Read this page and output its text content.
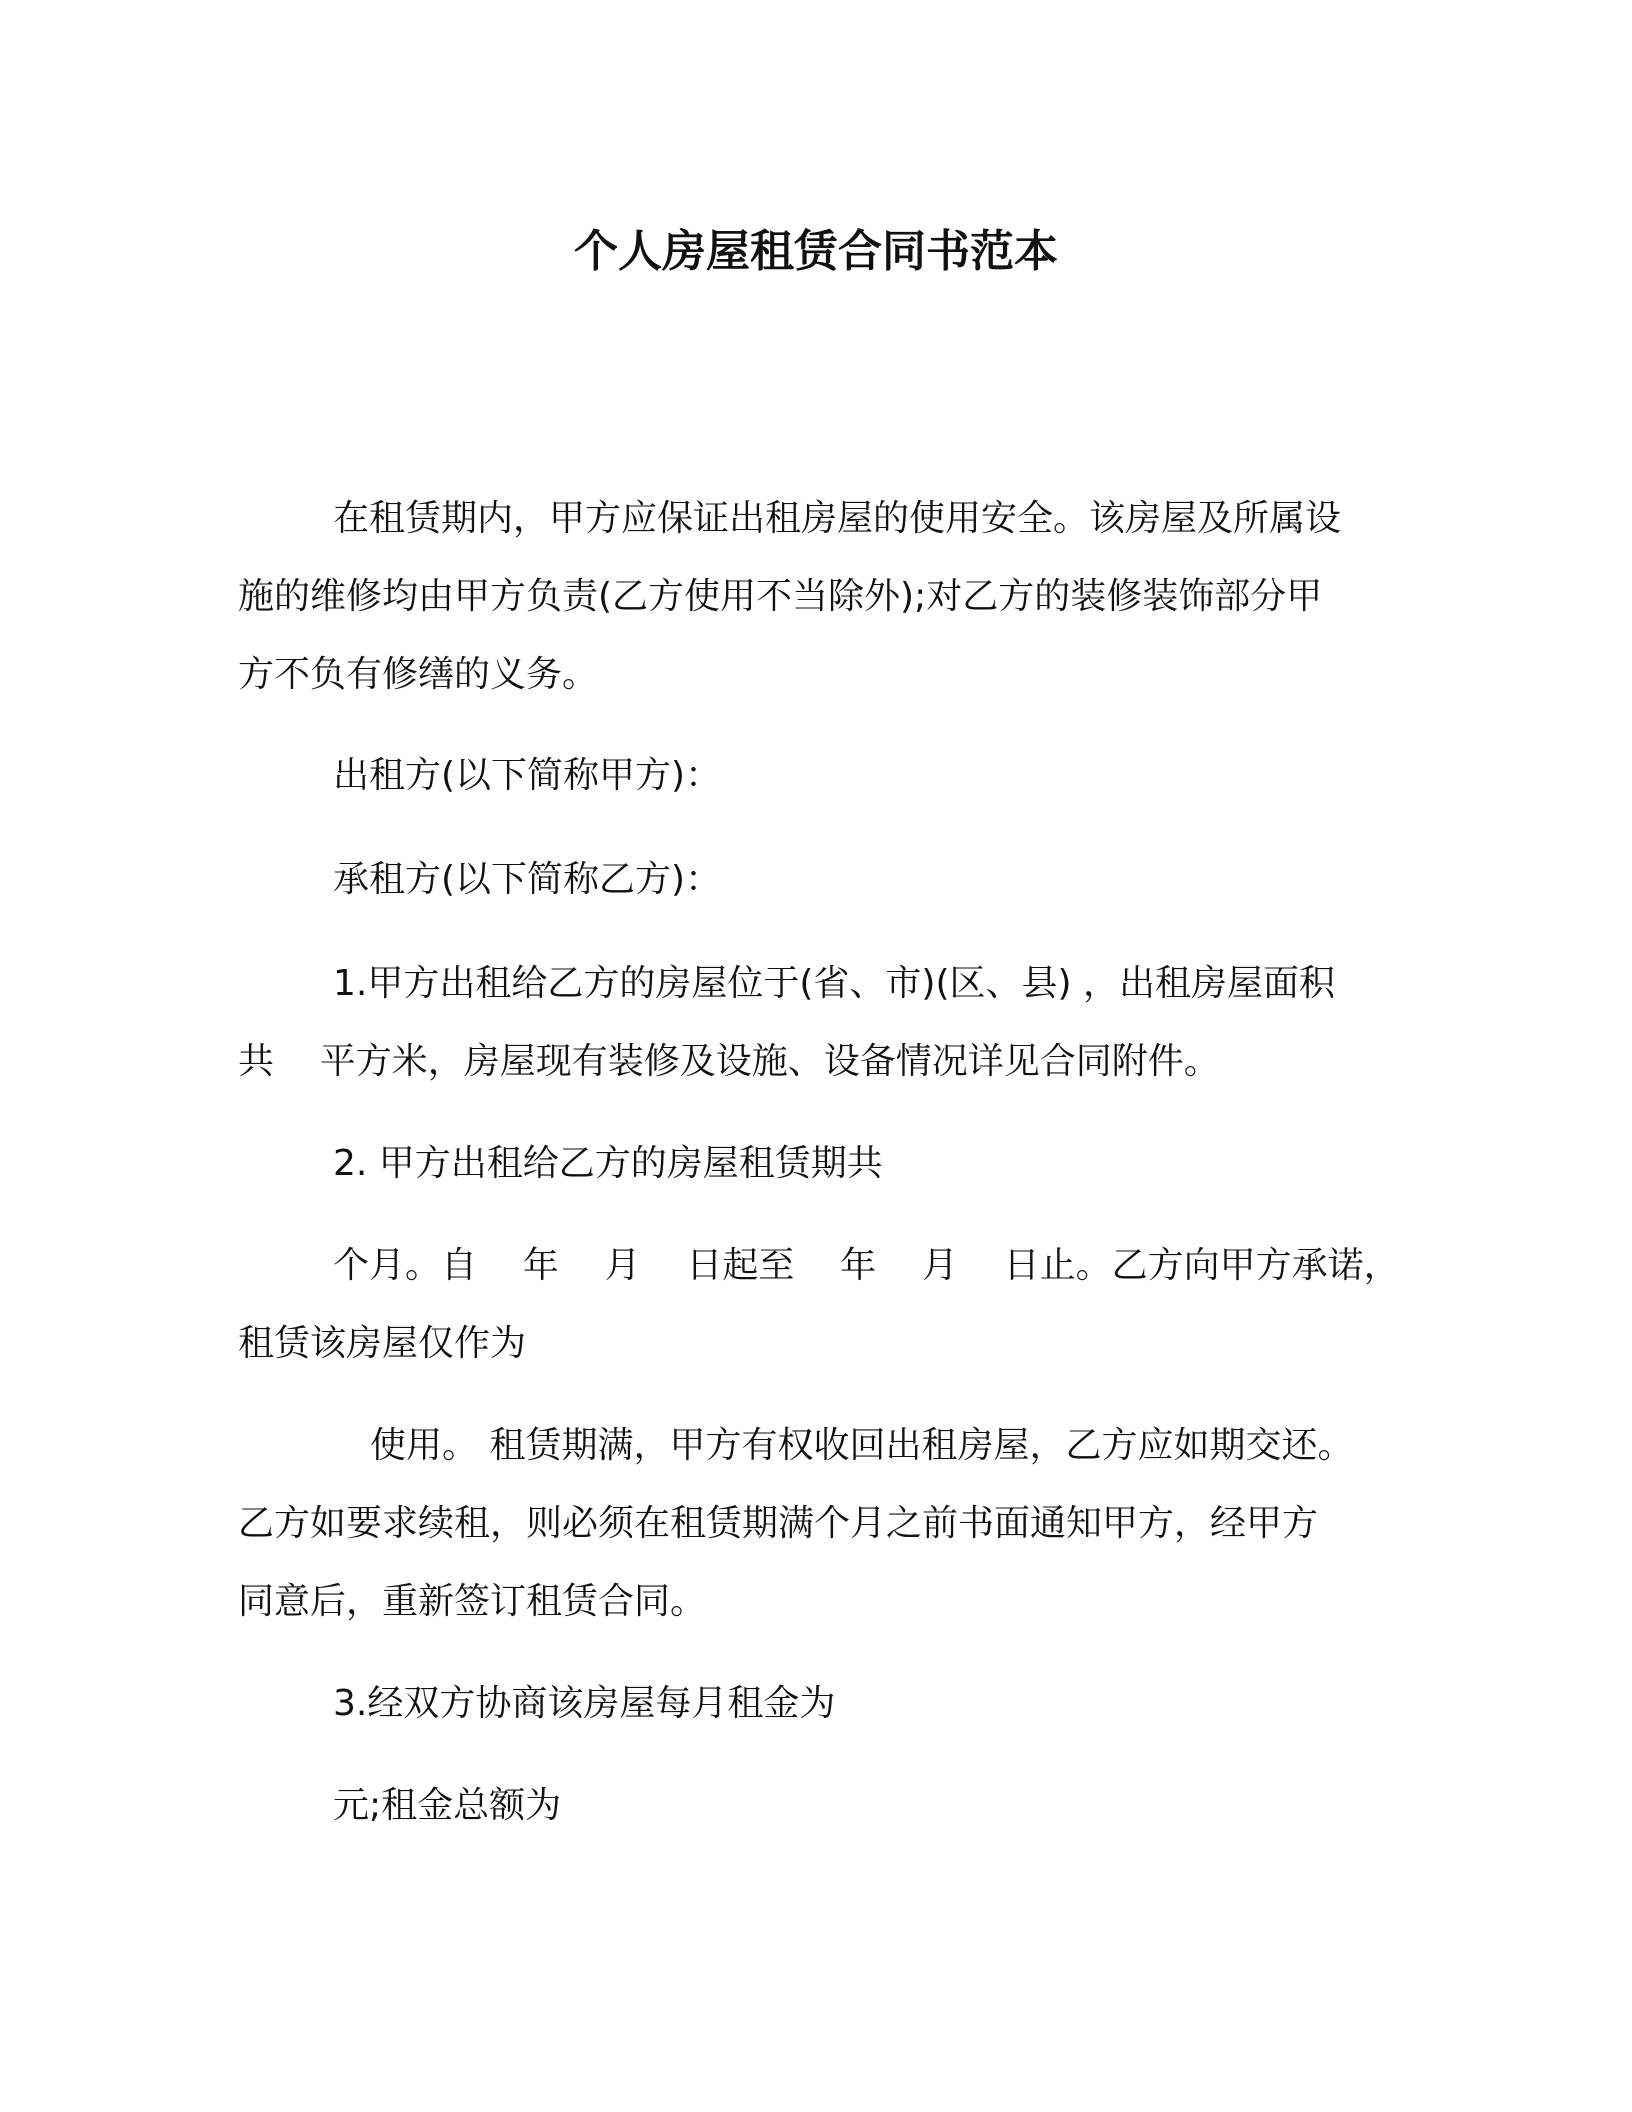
个人房屋租赁合同书范本
在租赁期内，甲方应保证出租房屋的使用安全。该房屋及所属设
施的维修均由甲方负责(乙方使用不当除外);对乙方的装修装饰部分甲
方不负有修缮的义务。
出租方(以下简称甲方)：
承租方(以下简称乙方)：
1.甲方出租给乙方的房屋位于(省、市)(区、县) ，出租房屋面积
共    平方米，房屋现有装修及设施、设备情况详见合同附件。
2. 甲方出租给乙方的房屋租赁期共
个月。自    年    月    日起至    年    月    日止。乙方向甲方承诺，
租赁该房屋仅作为
使用。 租赁期满，甲方有权收回出租房屋，乙方应如期交还。
乙方如要求续租，则必须在租赁期满个月之前书面通知甲方，经甲方
同意后，重新签订租赁合同。
3.经双方协商该房屋每月租金为
元;租金总额为
